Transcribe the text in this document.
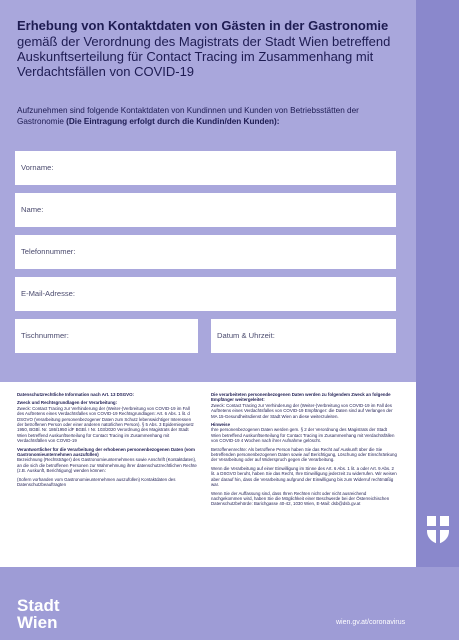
Erhebung von Kontaktdaten von Gästen in der Gastronomie
gemäß der Verordnung des Magistrats der Stadt Wien betreffend Auskunftserteilung für Contact Tracing im Zusammenhang mit Verdachtsfällen von COVID-19
Aufzunehmen sind folgende Kontaktdaten von Kundinnen und Kunden von Betriebsstätten der Gastronomie (Die Eintragung erfolgt durch die Kundin/den Kunden):
Vorname:
Name:
Telefonnummer:
E-Mail-Adresse:
Tischnummer:	Datum & Uhrzeit:

Datenschutzrechtliche Information nach Art. 13 DSGVO:

Zweck und Rechtsgrundlagen der Verarbeitung:
Zweck: Contact Tracing zur Verhinderung der (Weiter-)Verbreitung von COVID-19 im Fall des Auftretens eines Verdachtsfalles von COVID-19 Rechtsgrundlagen: Art. 6 Abs. 1 lit. d DSGVO (Verarbeitung personenbezogener Daten zum Schutz lebenswichtiger Interessen der betroffenen Person oder einer anderen natürlichen Person). § 5 Abs. 3 Epidemiegesetz 1950, BGBl. Nr. 186/1950 idF BGBl. I Nr. 103/2020 Verordnung des Magistrats der Stadt Wien betreffend Auskunftserteilung für Contact Tracing im Zusammenhang mit Verdachtsfällen von COVID-19

Verantwortlicher für die Verarbeitung der erhobenen personenbezogenen Daten (vom Gastronomieunternehmen auszufüllen)
Bezeichnung (Rechtsträger) des Gastronomieunternehmens sowie Anschrift (Kontaktdaten), an die sich die betroffenen Personen zur Wahrnehmung ihrer datenschutzrechtlichen Rechte (z.B. Auskunft, Berichtigung) wenden können:

(Sofern vorhanden vom Gastronomieunternehmen auszufüllen) Kontaktdaten des Datenschutzbeauftragten

Die verarbeiteten personenbezogenen Daten werden zu folgendem Zweck an folgende Empfänger weitergeleitet:
Zweck: Contact Tracing zur Verhinderung der (Weiter-)Verbreitung von COVID-19 im Fall des Auftretens eines Verdachtsfalles von COVID-19 Empfänger: die Daten sind auf Verlangen der MA 15-Gesundheitsdienst der Stadt Wien an diese weiterzuleiten.

Hinweise
Ihre personenbezogenen Daten werden gem. § 2 der Verordnung des Magistrats der Stadt Wien betreffend Auskunftserteilung für Contact Tracing im Zusammenhang mit Verdachtsfällen von COVID-19 4 Wochen nach ihrer Aufnahme gelöscht.

Betroffenenrechte: Als betroffene Person haben Sie das Recht auf Auskunft über die Sie betreffenden personenbezogenen Daten sowie auf Berichtigung, Löschung oder Einschränkung der Verarbeitung oder auf Widerspruch gegen die Verarbeitung.

Wenn die Verarbeitung auf einer Einwilligung im Sinne des Art. 6 Abs. 1 lit. a oder Art. 9 Abs. 2 lit. a DSGVO beruht, haben Sie das Recht, Ihre Einwilligung jederzeit zu widerrufen. Wir weisen aber darauf hin, dass die Verarbeitung aufgrund der Einwilligung bis zum Widerruf rechtmäßig war.

Wenn Sie der Auffassung sind, dass Ihren Rechten nicht oder nicht ausreichend nachgekommen wird, haben Sie die Möglichkeit einer Beschwerde bei der Österreichischen Datenschutzbehörde: Barichgasse 40-42, 1030 Wien, E-Mail: dsb@dsb.gv.at

Stadt
Wien	wien.gv.at/coronavirus
